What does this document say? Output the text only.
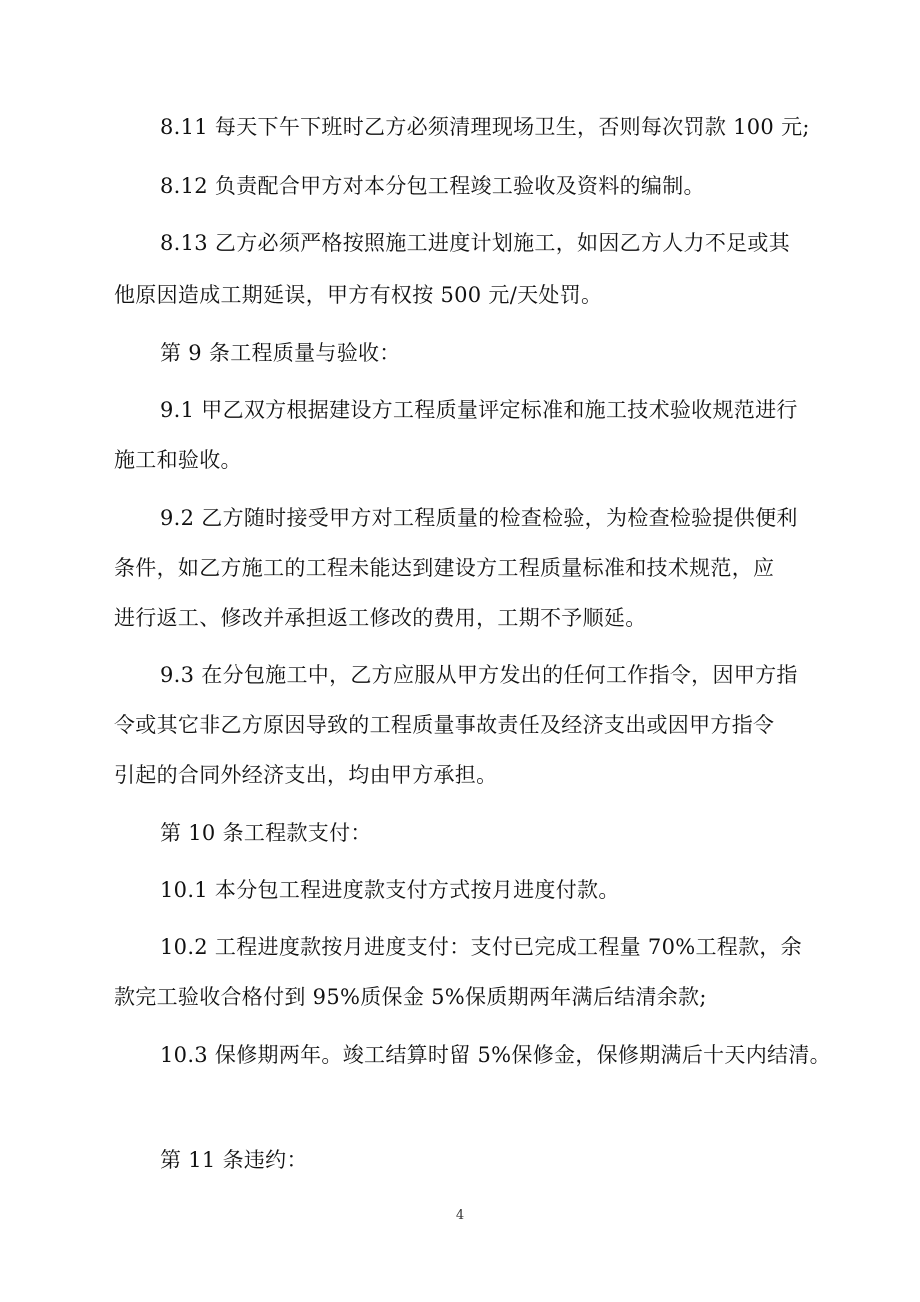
8.11 每天下午下班时乙方必须清理现场卫生，否则每次罚款 100 元;
8.12 负责配合甲方对本分包工程竣工验收及资料的编制。
8.13 乙方必须严格按照施工进度计划施工，如因乙方人力不足或其
他原因造成工期延误，甲方有权按 500 元/天处罚。
第 9 条工程质量与验收：
9.1 甲乙双方根据建设方工程质量评定标准和施工技术验收规范进行
施工和验收。
9.2 乙方随时接受甲方对工程质量的检查检验，为检查检验提供便利
条件，如乙方施工的工程未能达到建设方工程质量标准和技术规范，应
进行返工、修改并承担返工修改的费用，工期不予顺延。
9.3 在分包施工中，乙方应服从甲方发出的任何工作指令，因甲方指
令或其它非乙方原因导致的工程质量事故责任及经济支出或因甲方指令
引起的合同外经济支出，均由甲方承担。
第 10 条工程款支付：
10.1 本分包工程进度款支付方式按月进度付款。
10.2 工程进度款按月进度支付：支付已完成工程量 70%工程款，余
款完工验收合格付到 95%质保金 5%保质期两年满后结清余款;
10.3 保修期两年。竣工结算时留 5%保修金，保修期满后十天内结清。
第 11 条违约：
4
